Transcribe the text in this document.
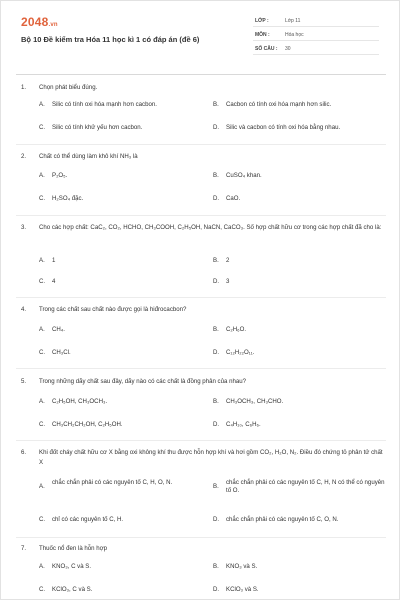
2048.vn
Bộ 10 Đề kiểm tra Hóa 11 học kì 1 có đáp án (đề 6)
LỚP :	Lớp 11
MÔN :	Hóa học
SỐ CÂU : 30
1. Chọn phát biểu đúng.
A. Silic có tính oxi hóa mạnh hơn cacbon.	B. Cacbon có tính oxi hóa mạnh hơn silic.
C. Silic có tính khử yếu hơn cacbon.	D. Silic và cacbon có tính oxi hóa bằng nhau.
2. Chất có thể dùng làm khô khí NH₃ là
A. P₂O₅.	B. CuSO₄ khan.
C. H₂SO₄ đặc.	D. CaO.
3. Cho các hợp chất: CaC₂, CO₂, HCHO, CH₃COOH, C₂H₅OH, NaCN, CaCO₃. Số hợp chất hữu cơ trong các hợp chất đã cho là:
A. 1	B. 2
C. 4	D. 3
4. Trong các chất sau chất nào được gọi là hiđrocacbon?
A. CH₄.	B. C₂H₆O.
C. CH₃Cl.	D. C₁₂H₂₂O₁₁.
5. Trong những dãy chất sau đây, dãy nào có các chất là đồng phân của nhau?
A. C₂H₅OH, CH₃OCH₃.	B. CH₃OCH₃, CH₃CHO.
C. CH₃CH₂CH₂OH, C₂H₅OH.	D. C₄H₁₀, C₆H₆.
6. Khi đốt cháy chất hữu cơ X bằng oxi không khí thu được hỗn hợp khí và hơi gồm CO₂, H₂O, N₂. Điều đó chứng tỏ phân tử chất X
A.
chắc chắn phải có các nguyên tố C, H, O, N.
B.
chắc chắn phải có các nguyên tố C, H, N có thể có nguyên tố O.
C. chỉ có các nguyên tố C, H.	D. chắc chắn phải có các nguyên tố C, O, N.
7. Thuốc nổ đen là hỗn hợp
A. KNO₃, C và S.	B. KNO₃ và S.
C. KClO₃, C và S.	D. KClO₃ và S.
